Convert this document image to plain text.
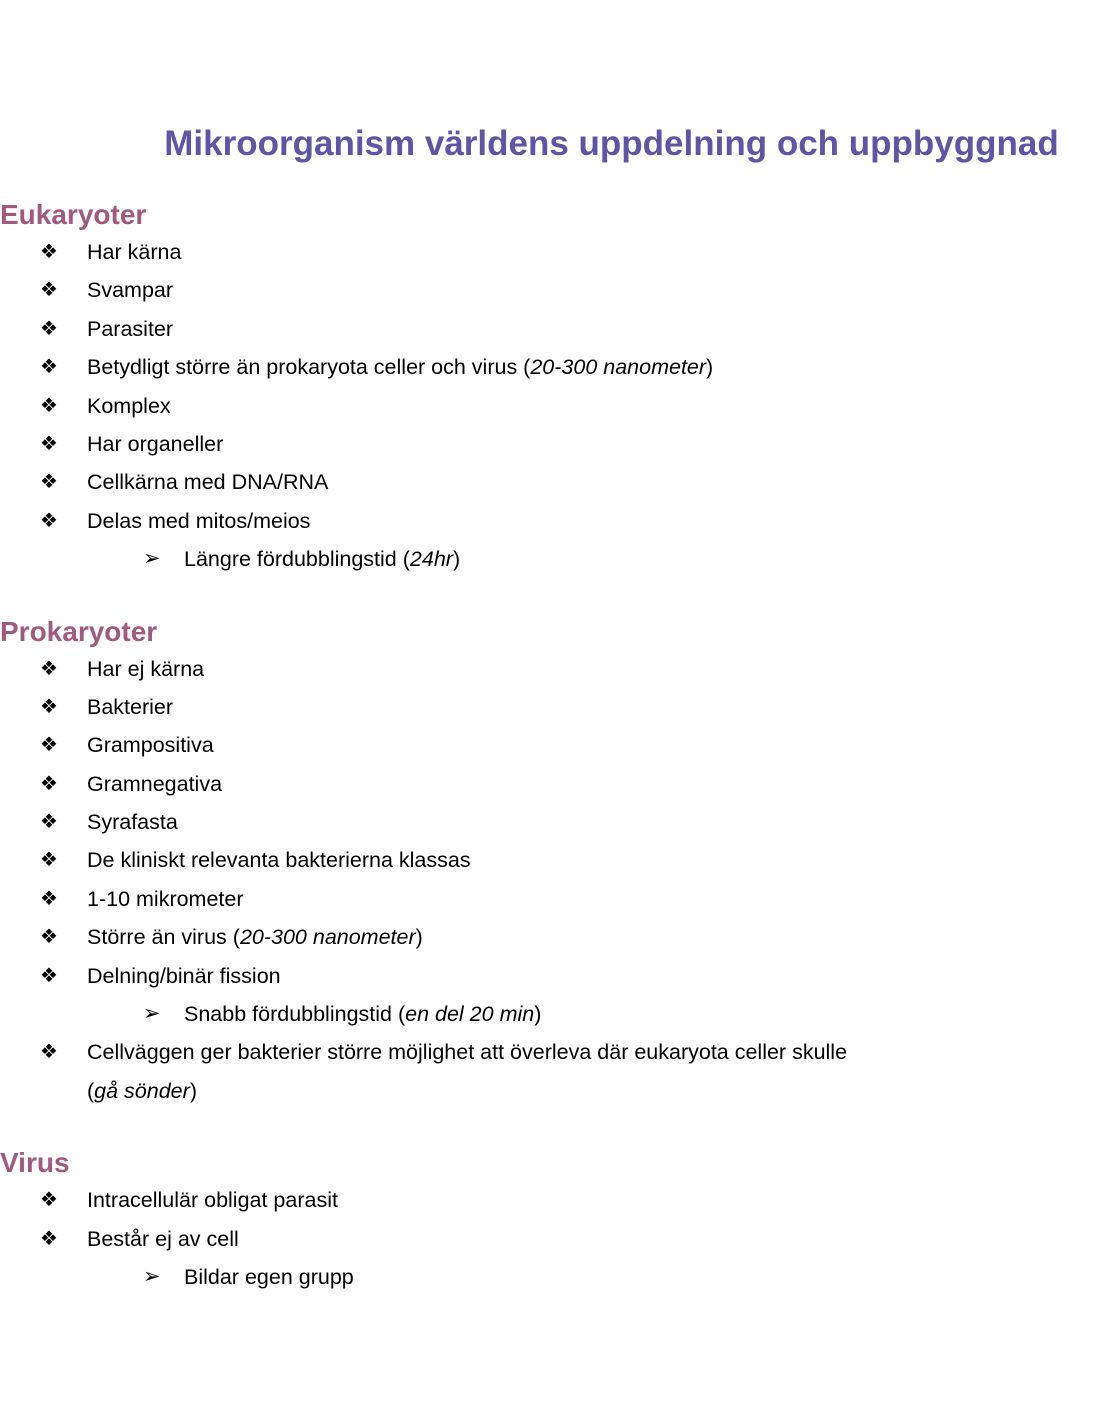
Mikroorganism världens uppdelning och uppbyggnad
Eukaryoter
❖ Har kärna
❖ Svampar
❖ Parasiter
❖ Betydligt större än prokaryota celler och virus (20-300 nanometer)
❖ Komplex
❖ Har organeller
❖ Cellkärna med DNA/RNA
❖ Delas med mitos/meios
➢ Längre fördubblingstid (24hr)
Prokaryoter
❖ Har ej kärna
❖ Bakterier
❖ Grampositiva
❖ Gramnegativa
❖ Syrafasta
❖ De kliniskt relevanta bakterierna klassas
❖ 1-10 mikrometer
❖ Större än virus (20-300 nanometer)
❖ Delning/binär fission
➢ Snabb fördubblingstid (en del 20 min)
❖ Cellväggen ger bakterier större möjlighet att överleva där eukaryota celler skulle
(gå sönder)
Virus
❖ Intracellulär obligat parasit
❖ Består ej av cell
➢ Bildar egen grupp
